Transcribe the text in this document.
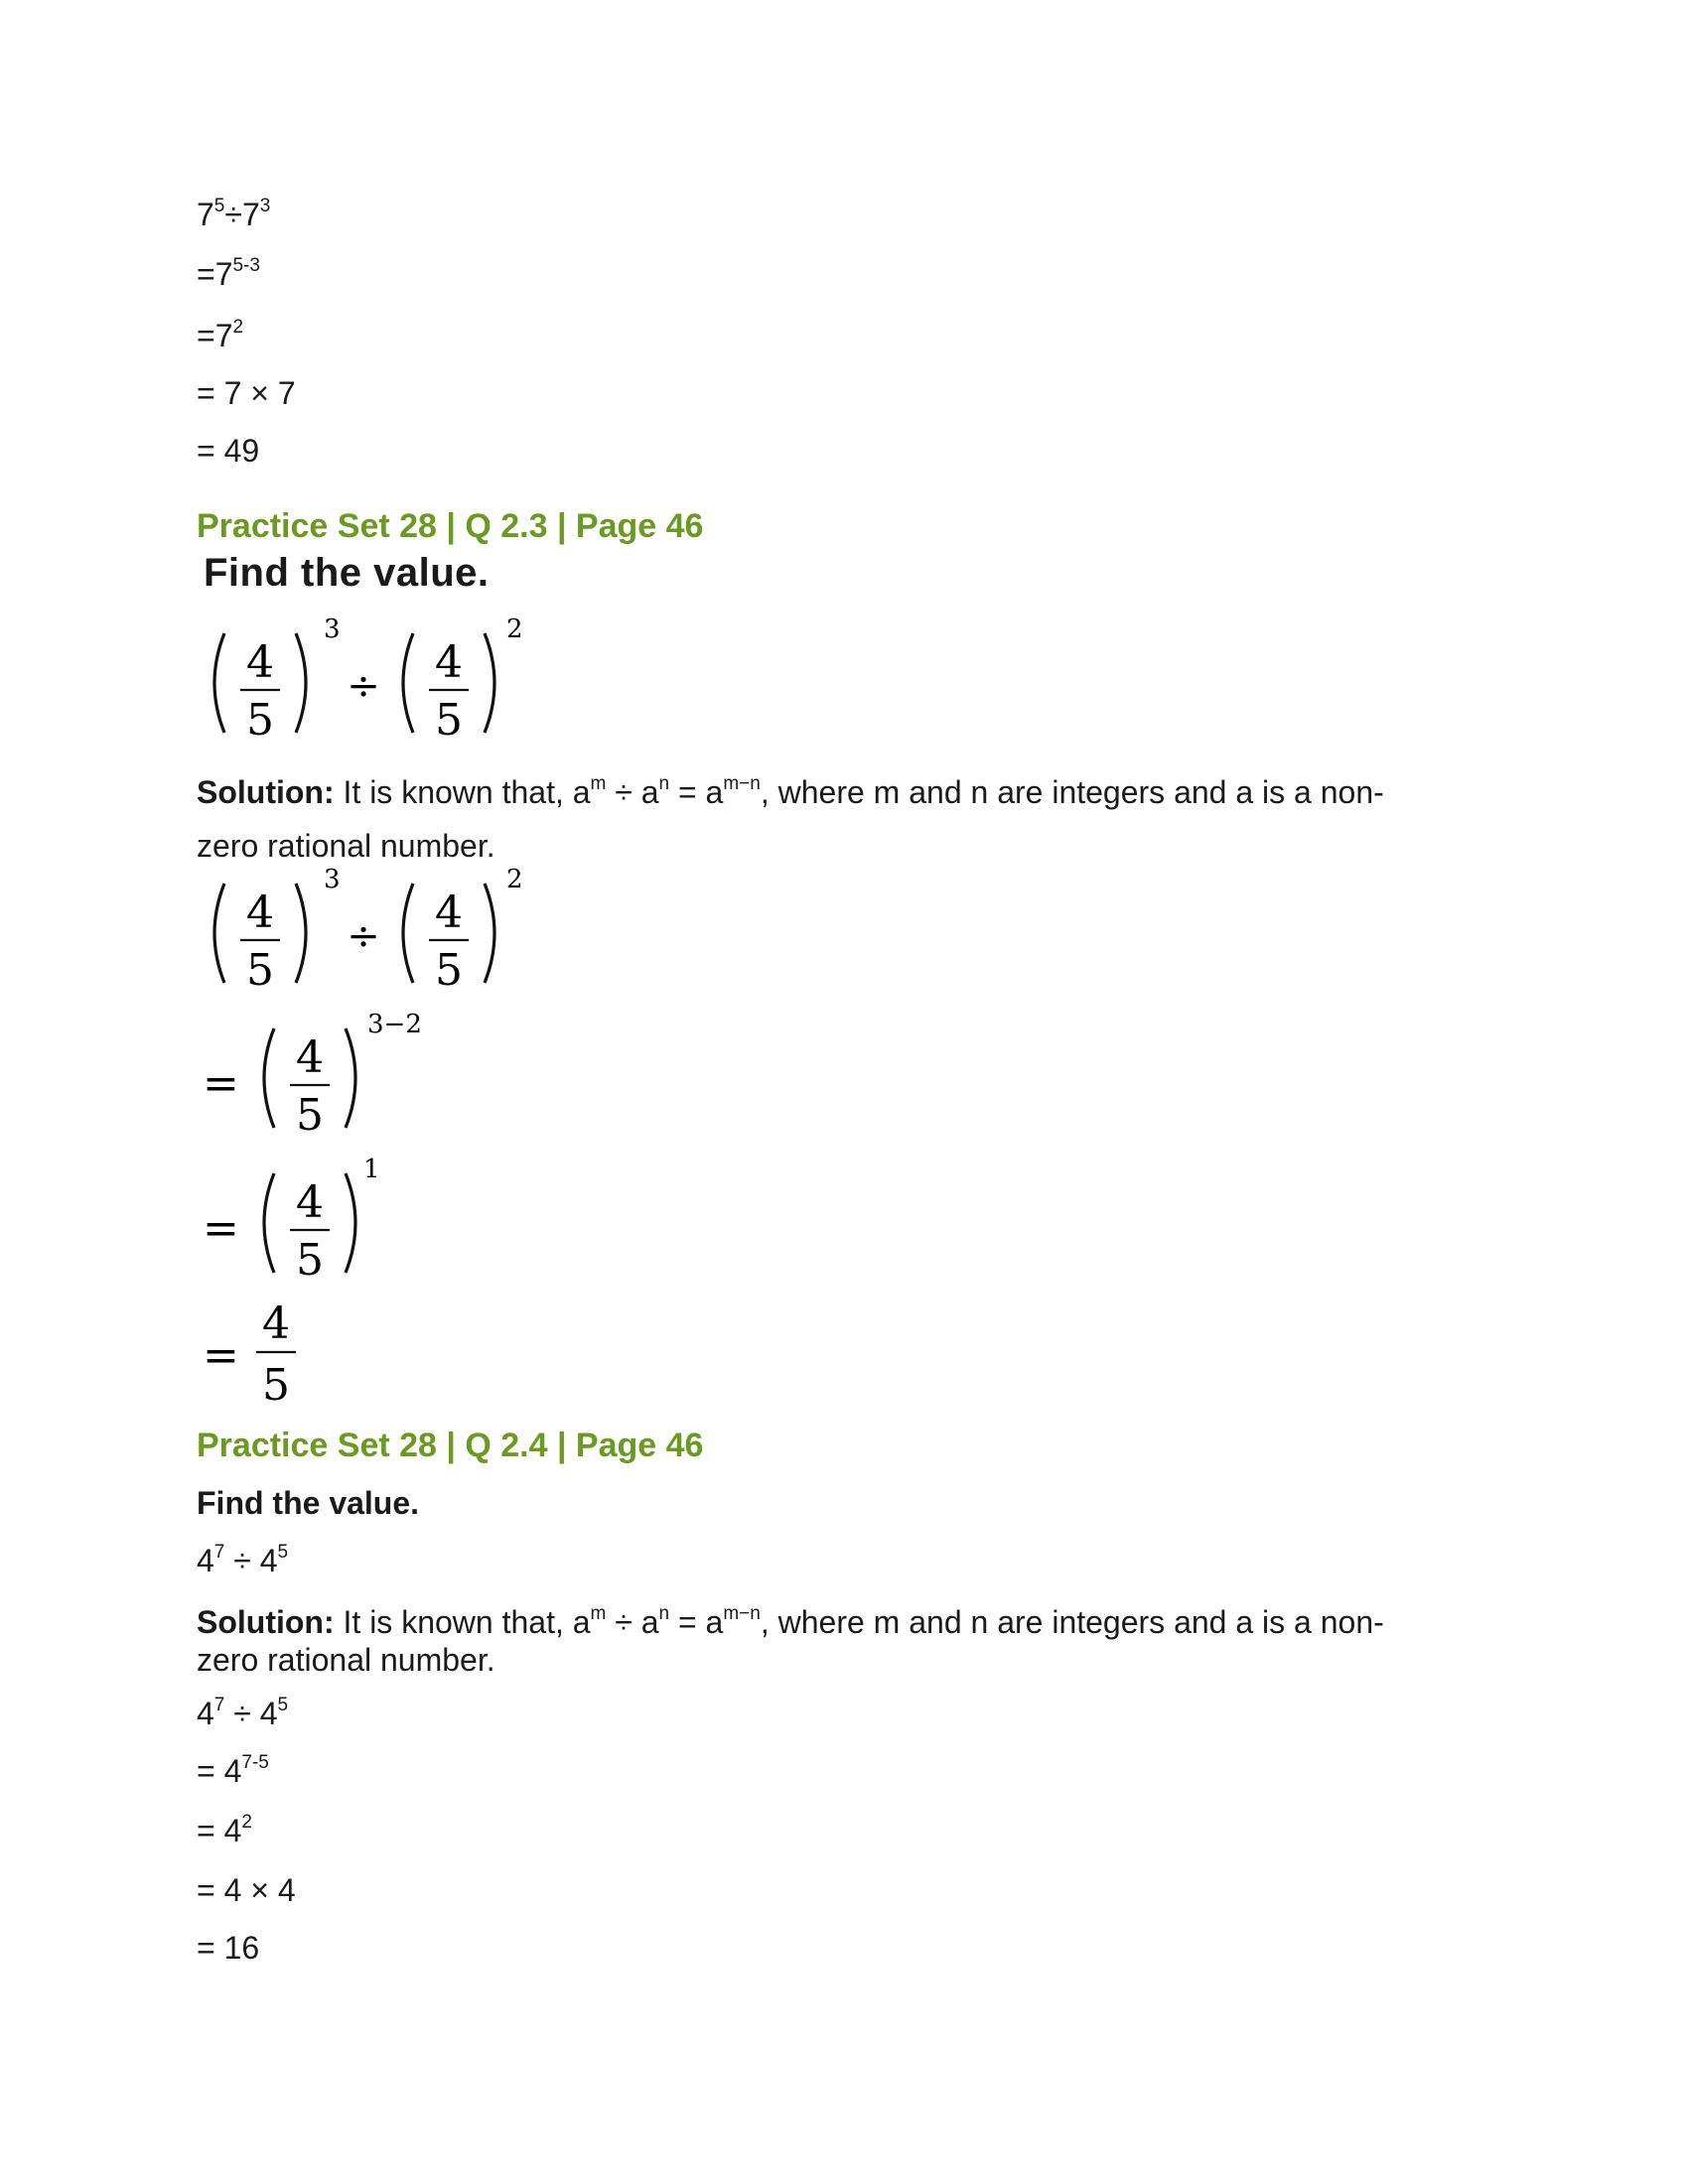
$7^5\div 7^3$
$=7^{5-3}$
$=7^2$
= 7 × 7
= 49
Practice Set 28 | Q 2.3 | Page 46
Find the value.
4
5
3
÷ 4
5
2
Solution: It is known that, $a^m \div a^n = a^{m-n}$, where m and n are integers and a is a non-
zero rational number.
4
5
3
÷ 4
5
2
=
4
5
3−2
=
4
5
1
=
4
5
Practice Set 28 | Q 2.4 | Page 46
Find the value.
$4^7 \div 4^5$
Solution: It is known that, $a^m \div a^n = a^{m-n}$, where m and n are integers and a is a non-
zero rational number.
$4^7 \div 4^5$
= $4^{7-5}$
= $4^2$
= 4 × 4
= 16
